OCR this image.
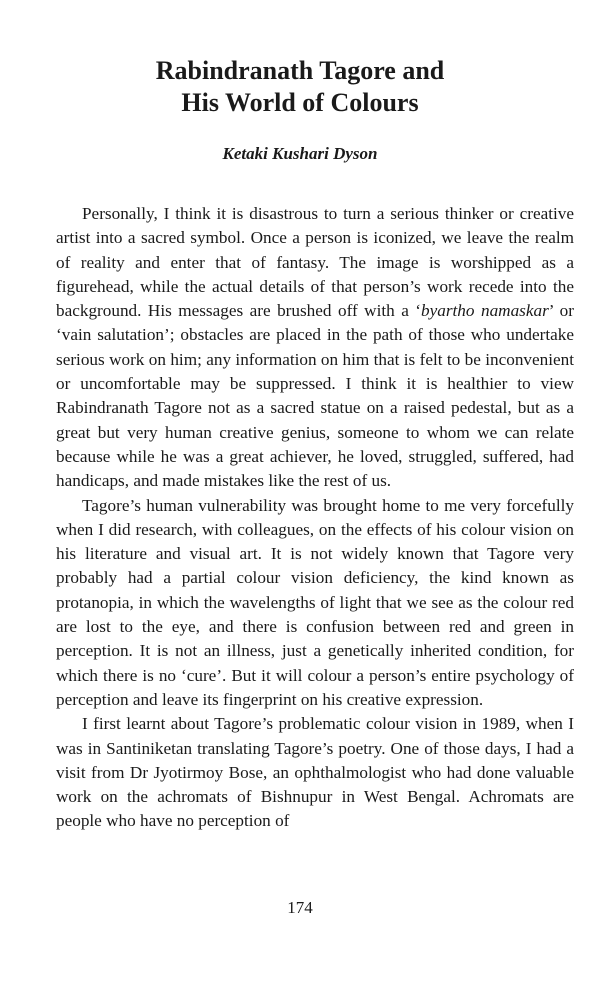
Rabindranath Tagore and
His World of Colours

Ketaki Kushari Dyson

Personally, I think it is disastrous to turn a serious thinker or creative artist into a sacred symbol. Once a person is iconized, we leave the realm of reality and enter that of fantasy. The image is worshipped as a figurehead, while the actual details of that person’s work recede into the background. His messages are brushed off with a ‘byartho namaskar’ or ‘vain salutation’; obstacles are placed in the path of those who undertake serious work on him; any information on him that is felt to be inconvenient or uncomfortable may be suppressed. I think it is healthier to view Rabindranath Tagore not as a sacred statue on a raised pedestal, but as a great but very human creative genius, someone to whom we can relate because while he was a great achiever, he loved, struggled, suffered, had handicaps, and made mistakes like the rest of us.

Tagore’s human vulnerability was brought home to me very forcefully when I did research, with colleagues, on the effects of his colour vision on his literature and visual art. It is not widely known that Tagore very probably had a partial colour vision deficiency, the kind known as protanopia, in which the wavelengths of light that we see as the colour red are lost to the eye, and there is confusion between red and green in perception. It is not an illness, just a genetically inherited condition, for which there is no ‘cure’. But it will colour a person’s entire psychology of perception and leave its fingerprint on his creative expression.

I first learnt about Tagore’s problematic colour vision in 1989, when I was in Santiniketan translating Tagore’s poetry. One of those days, I had a visit from Dr Jyotirmoy Bose, an ophthalmologist who had done valuable work on the achromats of Bishnupur in West Bengal. Achromats are people who have no perception of

174
